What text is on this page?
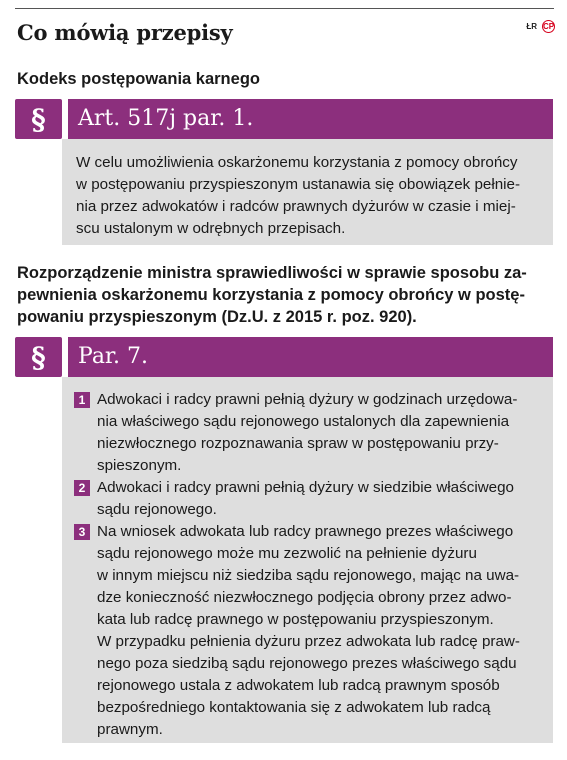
Co mówią przepisy	ŁR CP
Kodeks postępowania karnego
§	Art. 517j par. 1.

W celu umożliwienia oskarżonemu korzystania z pomocy obrońcy

w postępowaniu przyspieszonym ustanawia się obowiązek pełnie-

nia przez adwokatów i radców prawnych dyżurów w czasie i miej-

scu ustalonym w odrębnych przepisach.

Rozporządzenie ministra sprawiedliwości w sprawie sposobu za-
pewnienia oskarżonemu korzystania z pomocy obrońcy w postę-
powaniu przyspieszonym (Dz.U. z 2015 r. poz. 920).
§	Par. 7.
1 Adwokaci i radcy prawni pełnią dyżury w godzinach urzędowa-

nia właściwego sądu rejonowego ustalonych dla zapewnienia

niezwłocznego rozpoznawania spraw w postępowaniu przy-

spieszonym.

2 Adwokaci i radcy prawni pełnią dyżury w siedzibie właściwego

sądu rejonowego.

3 Na wniosek adwokata lub radcy prawnego prezes właściwego

sądu rejonowego może mu zezwolić na pełnienie dyżuru

w innym miejscu niż siedziba sądu rejonowego, mając na uwa-

dze konieczność niezwłocznego podjęcia obrony przez adwo-

kata lub radcę prawnego w postępowaniu przyspieszonym.

W przypadku pełnienia dyżuru przez adwokata lub radcę praw-

nego poza siedzibą sądu rejonowego prezes właściwego sądu

rejonowego ustala z adwokatem lub radcą prawnym sposób

bezpośredniego kontaktowania się z adwokatem lub radcą

prawnym.
